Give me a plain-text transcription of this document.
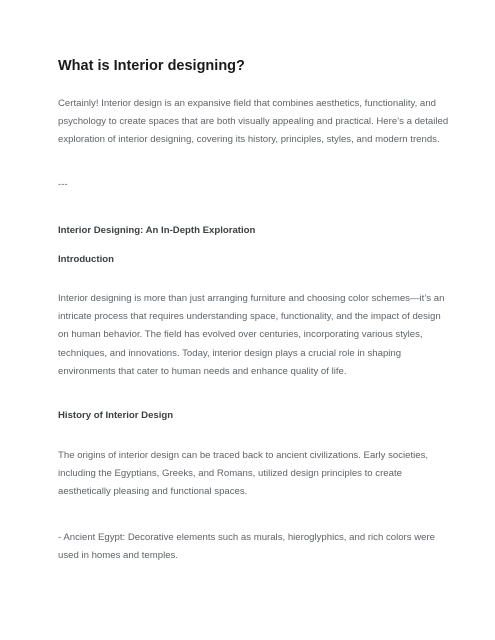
What is Interior designing?

Certainly! Interior design is an expansive field that combines aesthetics, functionality, and
psychology to create spaces that are both visually appealing and practical. Here’s a detailed
exploration of interior designing, covering its history, principles, styles, and modern trends.

---

Interior Designing: An In-Depth Exploration

Introduction

Interior designing is more than just arranging furniture and choosing color schemes—it’s an
intricate process that requires understanding space, functionality, and the impact of design
on human behavior. The field has evolved over centuries, incorporating various styles,
techniques, and innovations. Today, interior design plays a crucial role in shaping
environments that cater to human needs and enhance quality of life.

History of Interior Design

The origins of interior design can be traced back to ancient civilizations. Early societies,
including the Egyptians, Greeks, and Romans, utilized design principles to create
aesthetically pleasing and functional spaces.

- Ancient Egypt: Decorative elements such as murals, hieroglyphics, and rich colors were
used in homes and temples.
